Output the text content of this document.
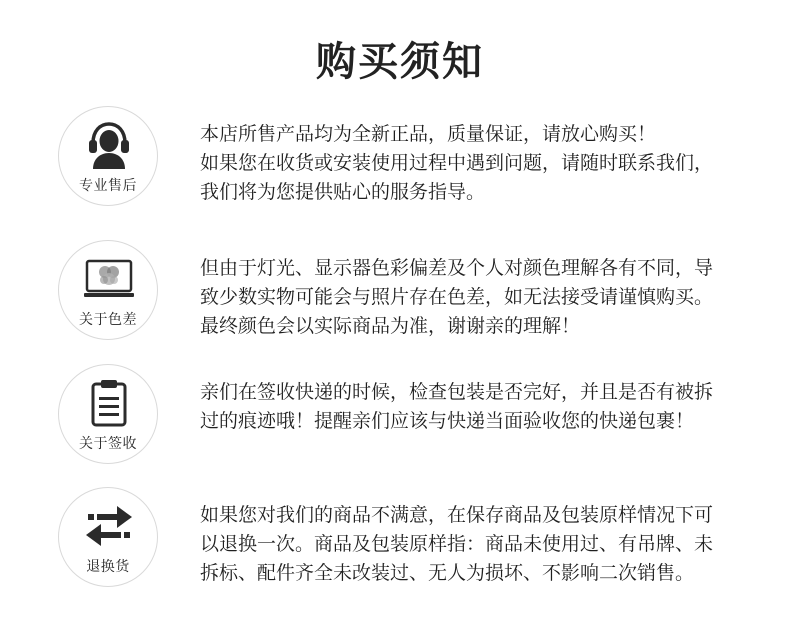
购买须知
专业售后
本店所售产品均为全新正品，质量保证，请放心购买！
如果您在收货或安装使用过程中遇到问题，请随时联系我们，
我们将为您提供贴心的服务指导。
关于色差
但由于灯光、显示器色彩偏差及个人对颜色理解各有不同，导
致少数实物可能会与照片存在色差，如无法接受请谨慎购买。
最终颜色会以实际商品为准，谢谢亲的理解！
关于签收
亲们在签收快递的时候，检查包装是否完好，并且是否有被拆
过的痕迹哦！提醒亲们应该与快递当面验收您的快递包裹！
退换货
如果您对我们的商品不满意，在保存商品及包装原样情况下可
以退换一次。商品及包装原样指：商品未使用过、有吊牌、未
拆标、配件齐全未改装过、无人为损坏、不影响二次销售。
